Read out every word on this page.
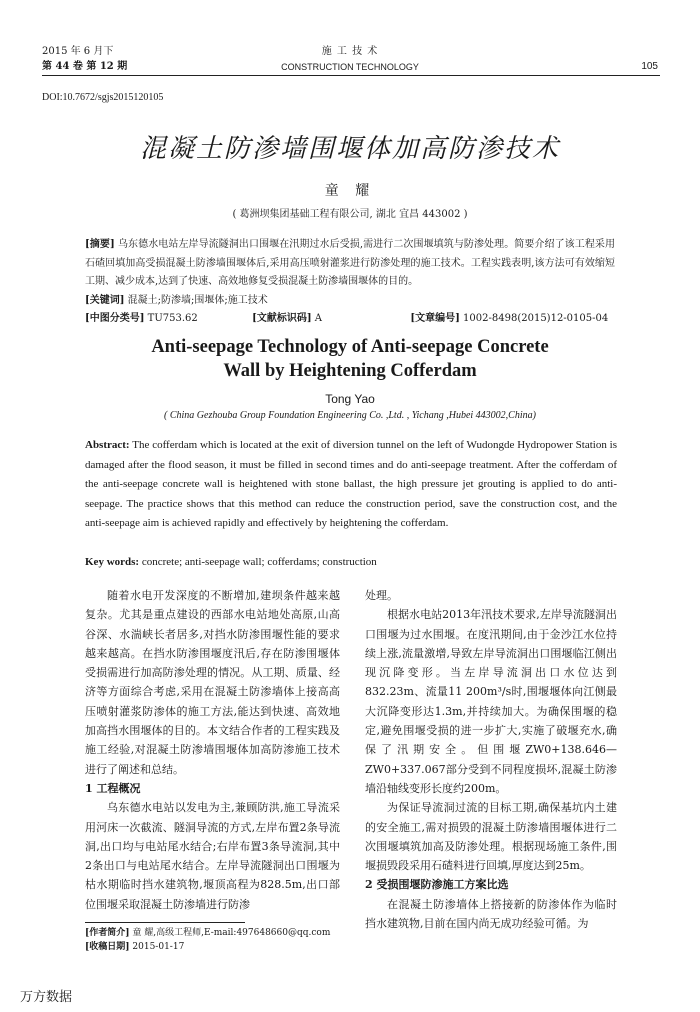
2015 年 6 月下
第 44 卷 第 12 期
施 工 技 术
CONSTRUCTION TECHNOLOGY	105
DOI:10.7672/sgjs2015120105
混凝土防渗墙围堰体加高防渗技术
童 耀
( 葛洲坝集团基础工程有限公司, 湖北 宜昌 443002 )
[摘要] 乌东德水电站左岸导流隧洞出口围堰在汛期过水后受损,需进行二次围堰填筑与防渗处理。简要介绍了该工程采用石碴回填加高受损混凝土防渗墙围堰体后,采用高压喷射灌浆进行防渗处理的施工技术。工程实践表明,该方法可有效缩短工期、减少成本,达到了快速、高效地修复受损混凝土防渗墙围堰体的目的。
[关键词] 混凝土;防渗墙;围堰体;施工技术
[中图分类号] TU753.62	[文献标识码] A	[文章编号] 1002-8498(2015)12-0105-04
Anti-seepage Technology of Anti-seepage Concrete
Wall by Heightening Cofferdam
Tong Yao
( China Gezhouba Group Foundation Engineering Co. ,Ltd. , Yichang ,Hubei 443002,China)
Abstract: The cofferdam which is located at the exit of diversion tunnel on the left of Wudongde Hydropower Station is damaged after the flood season, it must be filled in second times and do anti-seepage treatment. After the cofferdam of the anti-seepage concrete wall is heightened with stone ballast, the high pressure jet grouting is applied to do anti-seepage. The practice shows that this method can reduce the construction period, save the construction cost, and the anti-seepage aim is achieved rapidly and effectively by heightening the cofferdam.
Key words: concrete; anti-seepage wall; cofferdams; construction

随着水电开发深度的不断增加,建坝条件越来越复杂。尤其是重点建设的西部水电站地处高原,山高谷深、水湍峡长者居多,对挡水防渗围堰性能的要求越来越高。在挡水防渗围堰度汛后,存在防渗围堰体受损需进行加高防渗处理的情况。从工期、质量、经济等方面综合考虑,采用在混凝土防渗墙体上接高高压喷射灌浆防渗体的施工方法,能达到快速、高效地加高挡水围堰体的目的。本文结合作者的工程实践及施工经验,对混凝土防渗墙围堰体加高防渗施工技术进行了阐述和总结。

1 工程概况

乌东德水电站以发电为主,兼顾防洪,施工导流采用河床一次截流、隧洞导流的方式,左岸布置2条导流洞,出口均与电站尾水结合;右岸布置3条导流洞,其中2条出口与电站尾水结合。左岸导流隧洞出口围堰为枯水期临时挡水建筑物,堰顶高程为828.5m,出口部位围堰采取混凝土防渗墙进行防渗

处理。

根据水电站2013年汛技术要求,左岸导流隧洞出口围堰为过水围堰。在度汛期间,由于金沙江水位持续上涨,流量激增,导致左岸导流洞出口围堰临江侧出现沉降变形。当左岸导流洞出口水位达到832.23m、流量11 200m³/s时,围堰堰体向江侧最大沉降变形达1.3m,并持续加大。为确保围堰的稳定,避免围堰受损的进一步扩大,实施了破堰充水,确保了汛期安全。但围堰ZW0+138.646—ZW0+337.067部分受到不同程度损坏,混凝土防渗墙沿轴线变形长度约200m。

为保证导流洞过流的目标工期,确保基坑内土建的安全施工,需对损毁的混凝土防渗墙围堰体进行二次围堰填筑加高及防渗处理。根据现场施工条件,围堰损毁段采用石碴料进行回填,厚度达到25m。

2 受损围堰防渗施工方案比选

在混凝土防渗墙体上搭接新的防渗体作为临时挡水建筑物,目前在国内尚无成功经验可循。为

[作者简介] 童 耀,高级工程师,E-mail:497648660@qq.com
[收稿日期] 2015-01-17
万方数据
